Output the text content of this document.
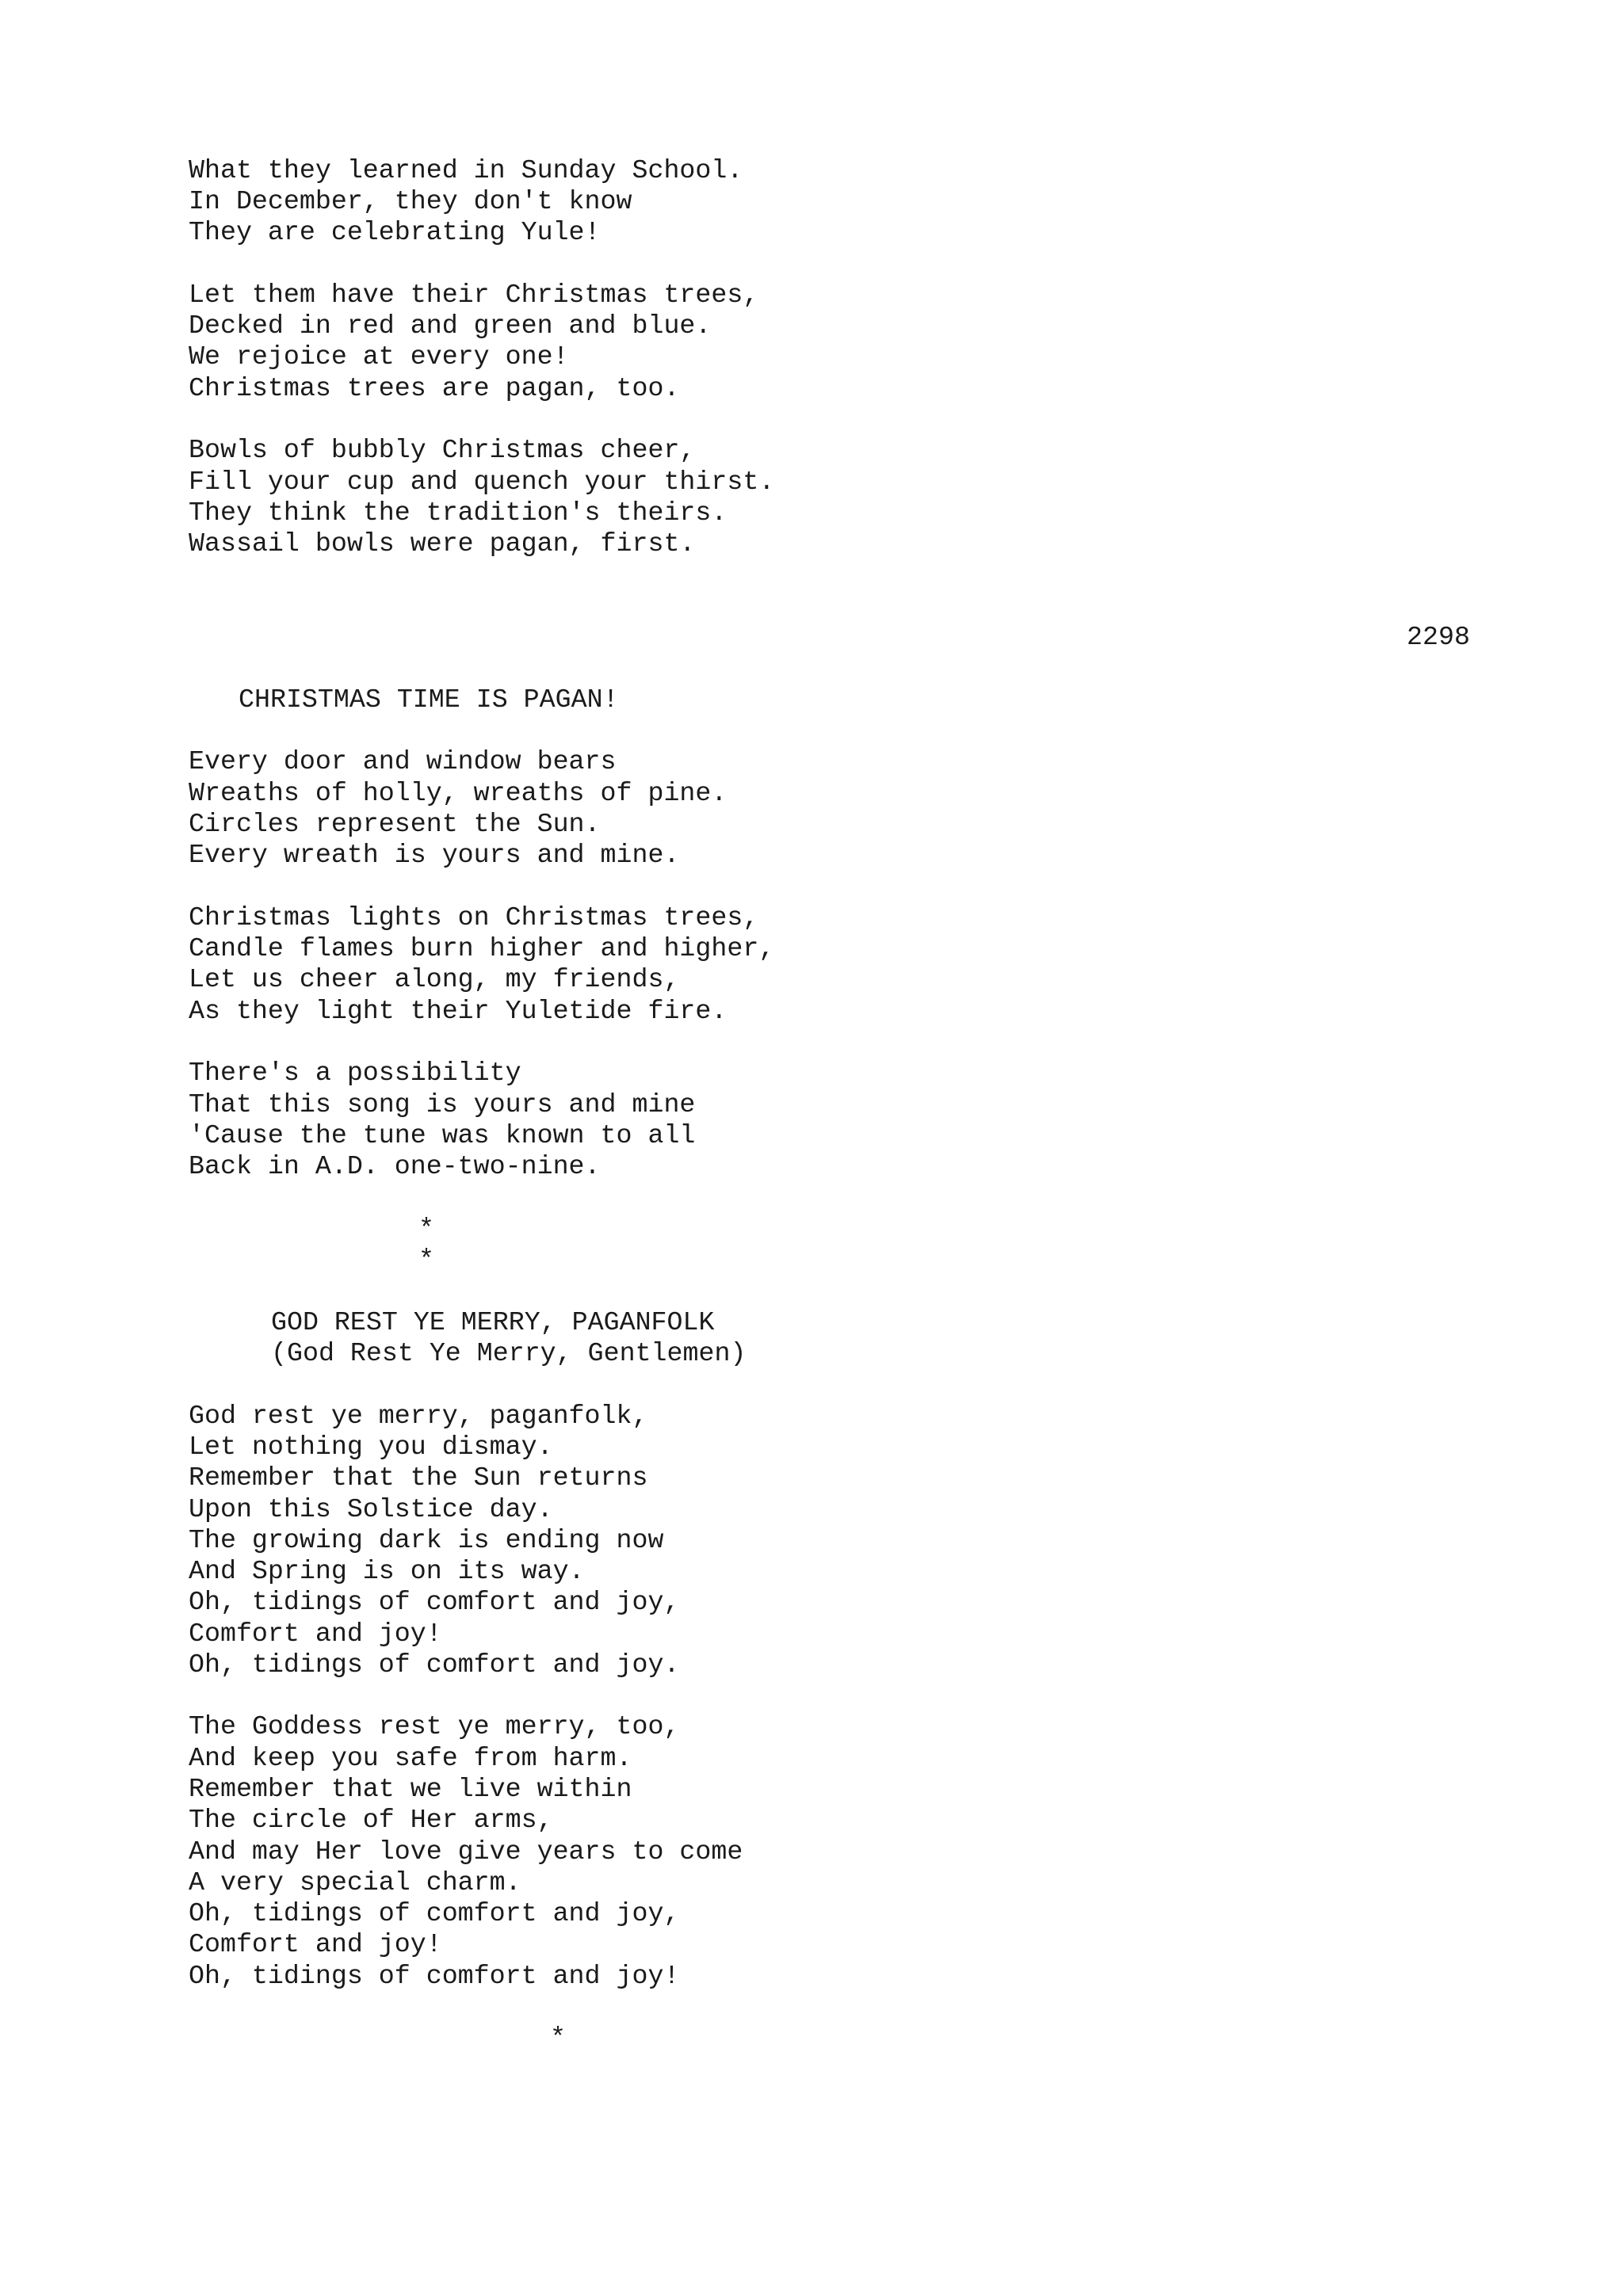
What they learned in Sunday School.
In December, they don't know
They are celebrating Yule!
Let them have their Christmas trees,
Decked in red and green and blue.
We rejoice at every one!
Christmas trees are pagan, too.
Bowls of bubbly Christmas cheer,
Fill your cup and quench your thirst.
They think the tradition's theirs.
Wassail bowls were pagan, first.
2298
CHRISTMAS TIME IS PAGAN!
Every door and window bears
Wreaths of holly, wreaths of pine.
Circles represent the Sun.
Every wreath is yours and mine.
Christmas lights on Christmas trees,
Candle flames burn higher and higher,
Let us cheer along, my friends,
As they light their Yuletide fire.
There's a possibility
That this song is yours and mine
'Cause the tune was known to all
Back in A.D. one-two-nine.
*
*
GOD REST YE MERRY, PAGANFOLK
(God Rest Ye Merry, Gentlemen)
God rest ye merry, paganfolk,
Let nothing you dismay.
Remember that the Sun returns
Upon this Solstice day.
The growing dark is ending now
And Spring is on its way.
Oh, tidings of comfort and joy,
Comfort and joy!
Oh, tidings of comfort and joy.
The Goddess rest ye merry, too,
And keep you safe from harm.
Remember that we live within
The circle of Her arms,
And may Her love give years to come
A very special charm.
Oh, tidings of comfort and joy,
Comfort and joy!
Oh, tidings of comfort and joy!
*
